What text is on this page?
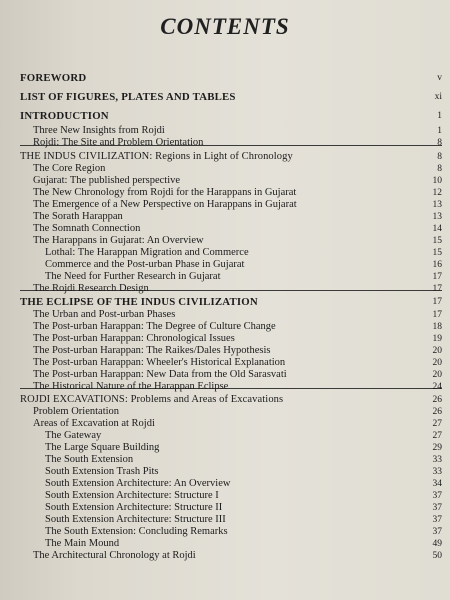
CONTENTS
FOREWORD	v
LIST OF FIGURES, PLATES AND TABLES	xi
INTRODUCTION	1
Three New Insights from Rojdi	1
Rojdi: The Site and Problem Orientation	8
THE INDUS CIVILIZATION: Regions in Light of Chronology	8
The Core Region	8
Gujarat: The published perspective	10
The New Chronology from Rojdi for the Harappans in Gujarat	12
The Emergence of a New Perspective on Harappans in Gujarat	13
The Sorath Harappan	13
The Somnath Connection	14
The Harappans in Gujarat: An Overview	15
Lothal: The Harappan Migration and Commerce	15
Commerce and the Post-urban Phase in Gujarat	16
The Need for Further Research in Gujarat	17
The Rojdi Research Design	17
THE ECLIPSE OF THE INDUS CIVILIZATION	17
The Urban and Post-urban Phases	17
The Post-urban Harappan: The Degree of Culture Change	18
The Post-urban Harappan: Chronological Issues	19
The Post-urban Harappan: The Raikes/Dales Hypothesis	20
The Post-urban Harappan: Wheeler's Historical Explanation	20
The Post-urban Harappan: New Data from the Old Sarasvati	20
The Historical Nature of the Harappan Eclipse	24
ROJDI EXCAVATIONS: Problems and Areas of Excavations	26
Problem Orientation	26
Areas of Excavation at Rojdi	27
The Gateway	27
The Large Square Building	29
The South Extension	33
South Extension Trash Pits	33
South Extension Architecture: An Overview	34
South Extension Architecture: Structure I	37
South Extension Architecture: Structure II	37
South Extension Architecture: Structure III	37
The South Extension: Concluding Remarks	37
The Main Mound	49
The Architectural Chronology at Rojdi	50
